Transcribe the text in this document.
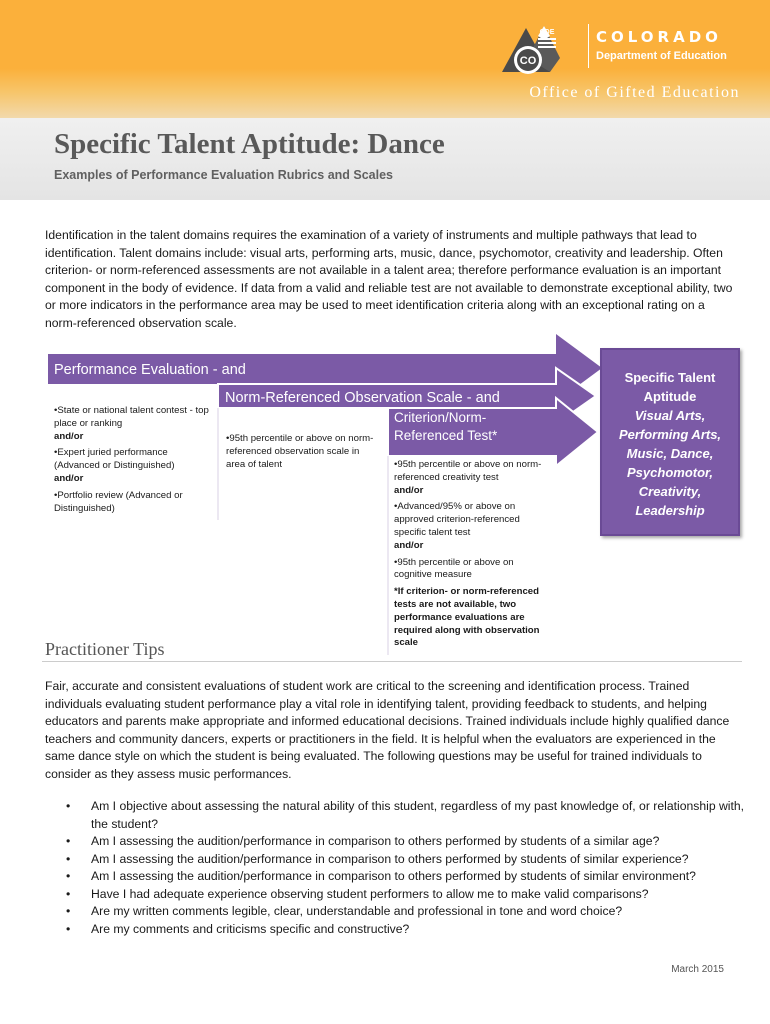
CO
CDE	COLORADO
Department of Education
Office of Gifted Education
Specific Talent Aptitude: Dance
Examples of Performance Evaluation Rubrics and Scales

Identification in the talent domains requires the examination of a variety of instruments and multiple pathways that lead to identification. Talent domains include: visual arts, performing arts, music, dance, psychomotor, creativity and leadership. Often criterion- or norm-referenced assessments are not available in a talent area; therefore performance evaluation is an important component in the body of evidence. If data from a valid and reliable test are not available to demonstrate exceptional ability, two or more indicators in the performance area may be used to meet identification criteria along with an exceptional rating on a norm-referenced observation scale.

Performance Evaluation - and
Norm-Referenced Observation Scale - and
Criterion/Norm-
Referenced Test*
•State or national talent contest - top place or ranking
and/or
•Expert juried performance (Advanced or Distinguished)
and/or
•Portfolio review (Advanced or Distinguished)
•95th percentile or above on norm-referenced observation scale in area of talent	•95th percentile or above on norm-referenced creativity test
and/or
•Advanced/95% or above on approved criterion-referenced specific talent test
and/or
•95th percentile or above on cognitive measure
*If criterion- or norm-referenced tests are not available, two performance evaluations are required along with observation scale
Specific Talent
Aptitude
Visual Arts,
Performing Arts,
Music, Dance,
Psychomotor,
Creativity,
Leadership
Practitioner Tips

Fair, accurate and consistent evaluations of student work are critical to the screening and identification process. Trained individuals evaluating student performance play a vital role in identifying talent, providing feedback to students, and helping educators and parents make appropriate and informed educational decisions. Trained individuals include highly qualified dance teachers and community dancers, experts or practitioners in the field. It is helpful when the evaluators are experienced in the same dance style on which the student is being evaluated. The following questions may be useful for trained individuals to consider as they assess music performances.

• Am I objective about assessing the natural ability of this student, regardless of my past knowledge of, or relationship with, the student?
• Am I assessing the audition/performance in comparison to others performed by students of a similar age?
• Am I assessing the audition/performance in comparison to others performed by students of similar experience?
• Am I assessing the audition/performance in comparison to others performed by students of similar environment?
• Have I had adequate experience observing student performers to allow me to make valid comparisons?
• Are my written comments legible, clear, understandable and professional in tone and word choice?
• Are my comments and criticisms specific and constructive?
March 2015
